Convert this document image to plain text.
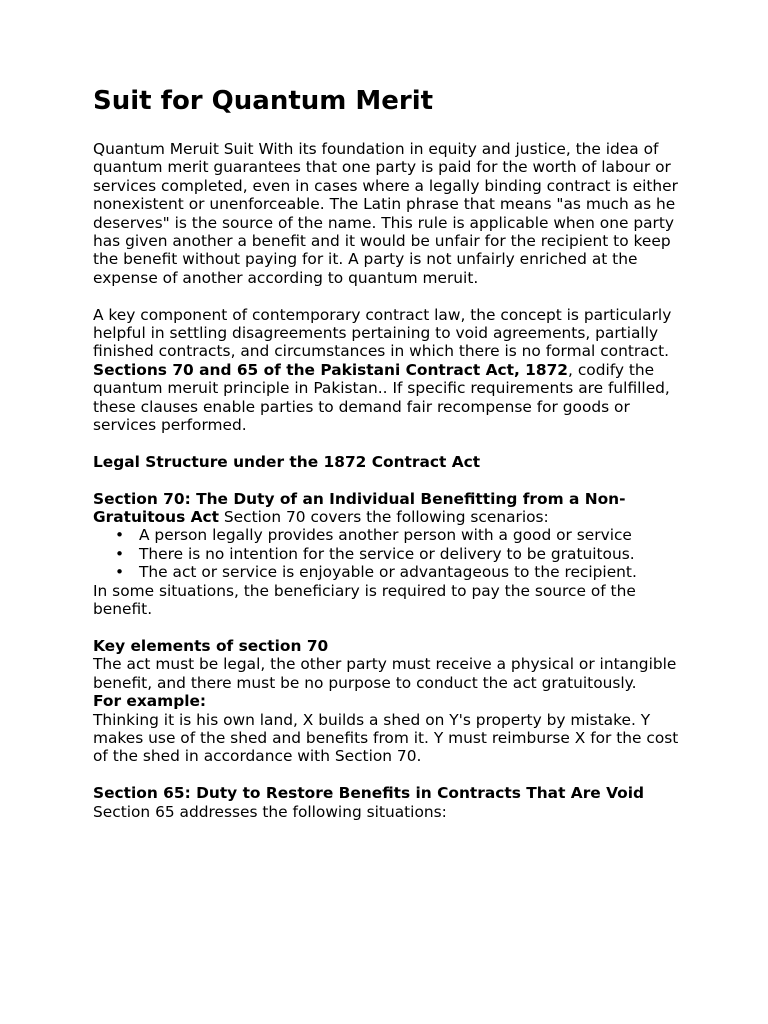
Suit for Quantum Merit

Quantum Meruit Suit With its foundation in equity and justice, the idea of quantum merit guarantees that one party is paid for the worth of labour or services completed, even in cases where a legally binding contract is either nonexistent or unenforceable. The Latin phrase that means "as much as he deserves" is the source of the name. This rule is applicable when one party has given another a benefit and it would be unfair for the recipient to keep the benefit without paying for it. A party is not unfairly enriched at the expense of another according to quantum meruit.

A key component of contemporary contract law, the concept is particularly helpful in settling disagreements pertaining to void agreements, partially finished contracts, and circumstances in which there is no formal contract. Sections 70 and 65 of the Pakistani Contract Act, 1872, codify the quantum meruit principle in Pakistan.. If specific requirements are fulfilled, these clauses enable parties to demand fair recompense for goods or services performed.

Legal Structure under the 1872 Contract Act

Section 70: The Duty of an Individual Benefitting from a Non-Gratuitous Act Section 70 covers the following scenarios:

• A person legally provides another person with a good or service
• There is no intention for the service or delivery to be gratuitous.
• The act or service is enjoyable or advantageous to the recipient.

In some situations, the beneficiary is required to pay the source of the benefit.

Key elements of section 70

The act must be legal, the other party must receive a physical or intangible benefit, and there must be no purpose to conduct the act gratuitously.

For example:

Thinking it is his own land, X builds a shed on Y's property by mistake. Y makes use of the shed and benefits from it. Y must reimburse X for the cost of the shed in accordance with Section 70.

Section 65: Duty to Restore Benefits in Contracts That Are Void

Section 65 addresses the following situations:
